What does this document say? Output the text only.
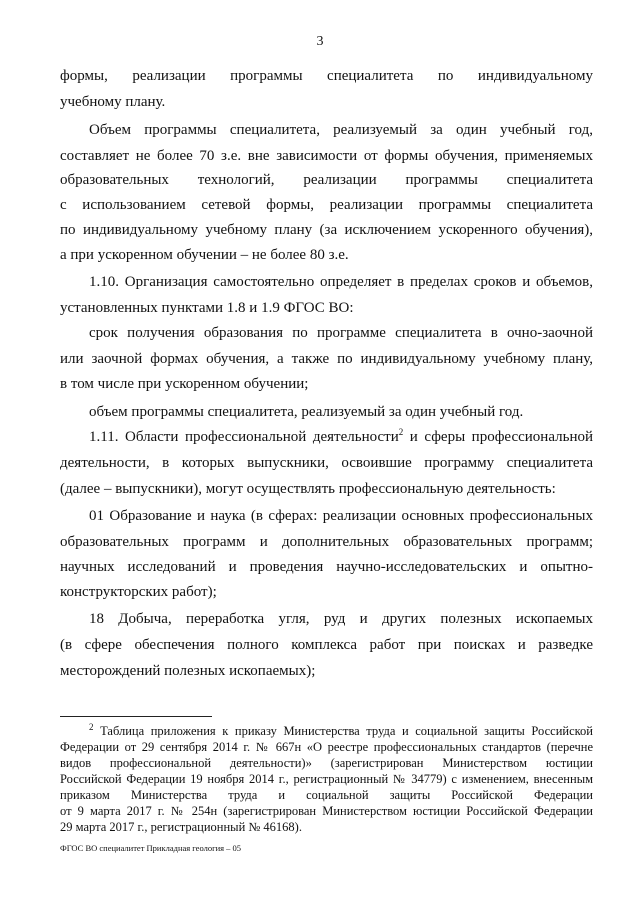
3
формы, реализации программы специалитета по индивидуальному
учебному плану.
Объем программы специалитета, реализуемый за один учебный год,
составляет не более 70 з.е. вне зависимости от формы обучения, применяемых
образовательных технологий, реализации программы специалитета
с использованием сетевой формы, реализации программы специалитета
по индивидуальному учебному плану (за исключением ускоренного обучения),
а при ускоренном обучении – не более 80 з.е.
1.10. Организация самостоятельно определяет в пределах сроков и объемов,
установленных пунктами 1.8 и 1.9 ФГОС ВО:
срок получения образования по программе специалитета в очно-заочной
или заочной формах обучения, а также по индивидуальному учебному плану,
в том числе при ускоренном обучении;
объем программы специалитета, реализуемый за один учебный год.
1.11. Области профессиональной деятельности$^2$ и сферы профессиональной
деятельности, в которых выпускники, освоившие программу специалитета
(далее – выпускники), могут осуществлять профессиональную деятельность:
01 Образование и наука (в сферах: реализации основных профессиональных
образовательных программ и дополнительных образовательных программ;
научных исследований и проведения научно-исследовательских и опытно-
конструкторских работ);
18 Добыча, переработка угля, руд и других полезных ископаемых
(в сфере обеспечения полного комплекса работ при поисках и разведке
месторождений полезных ископаемых);
$^2$ Таблица приложения к приказу Министерства труда и социальной защиты Российской
Федерации от 29 сентября 2014 г. № 667н «О реестре профессиональных стандартов (перечне
видов профессиональной деятельности)» (зарегистрирован Министерством юстиции
Российской Федерации 19 ноября 2014 г., регистрационный № 34779) с изменением, внесенным
приказом Министерства труда и социальной защиты Российской Федерации
от 9 марта 2017 г. № 254н (зарегистрирован Министерством юстиции Российской Федерации
29 марта 2017 г., регистрационный № 46168).
ФГОС ВО специалитет Прикладная геология – 05
